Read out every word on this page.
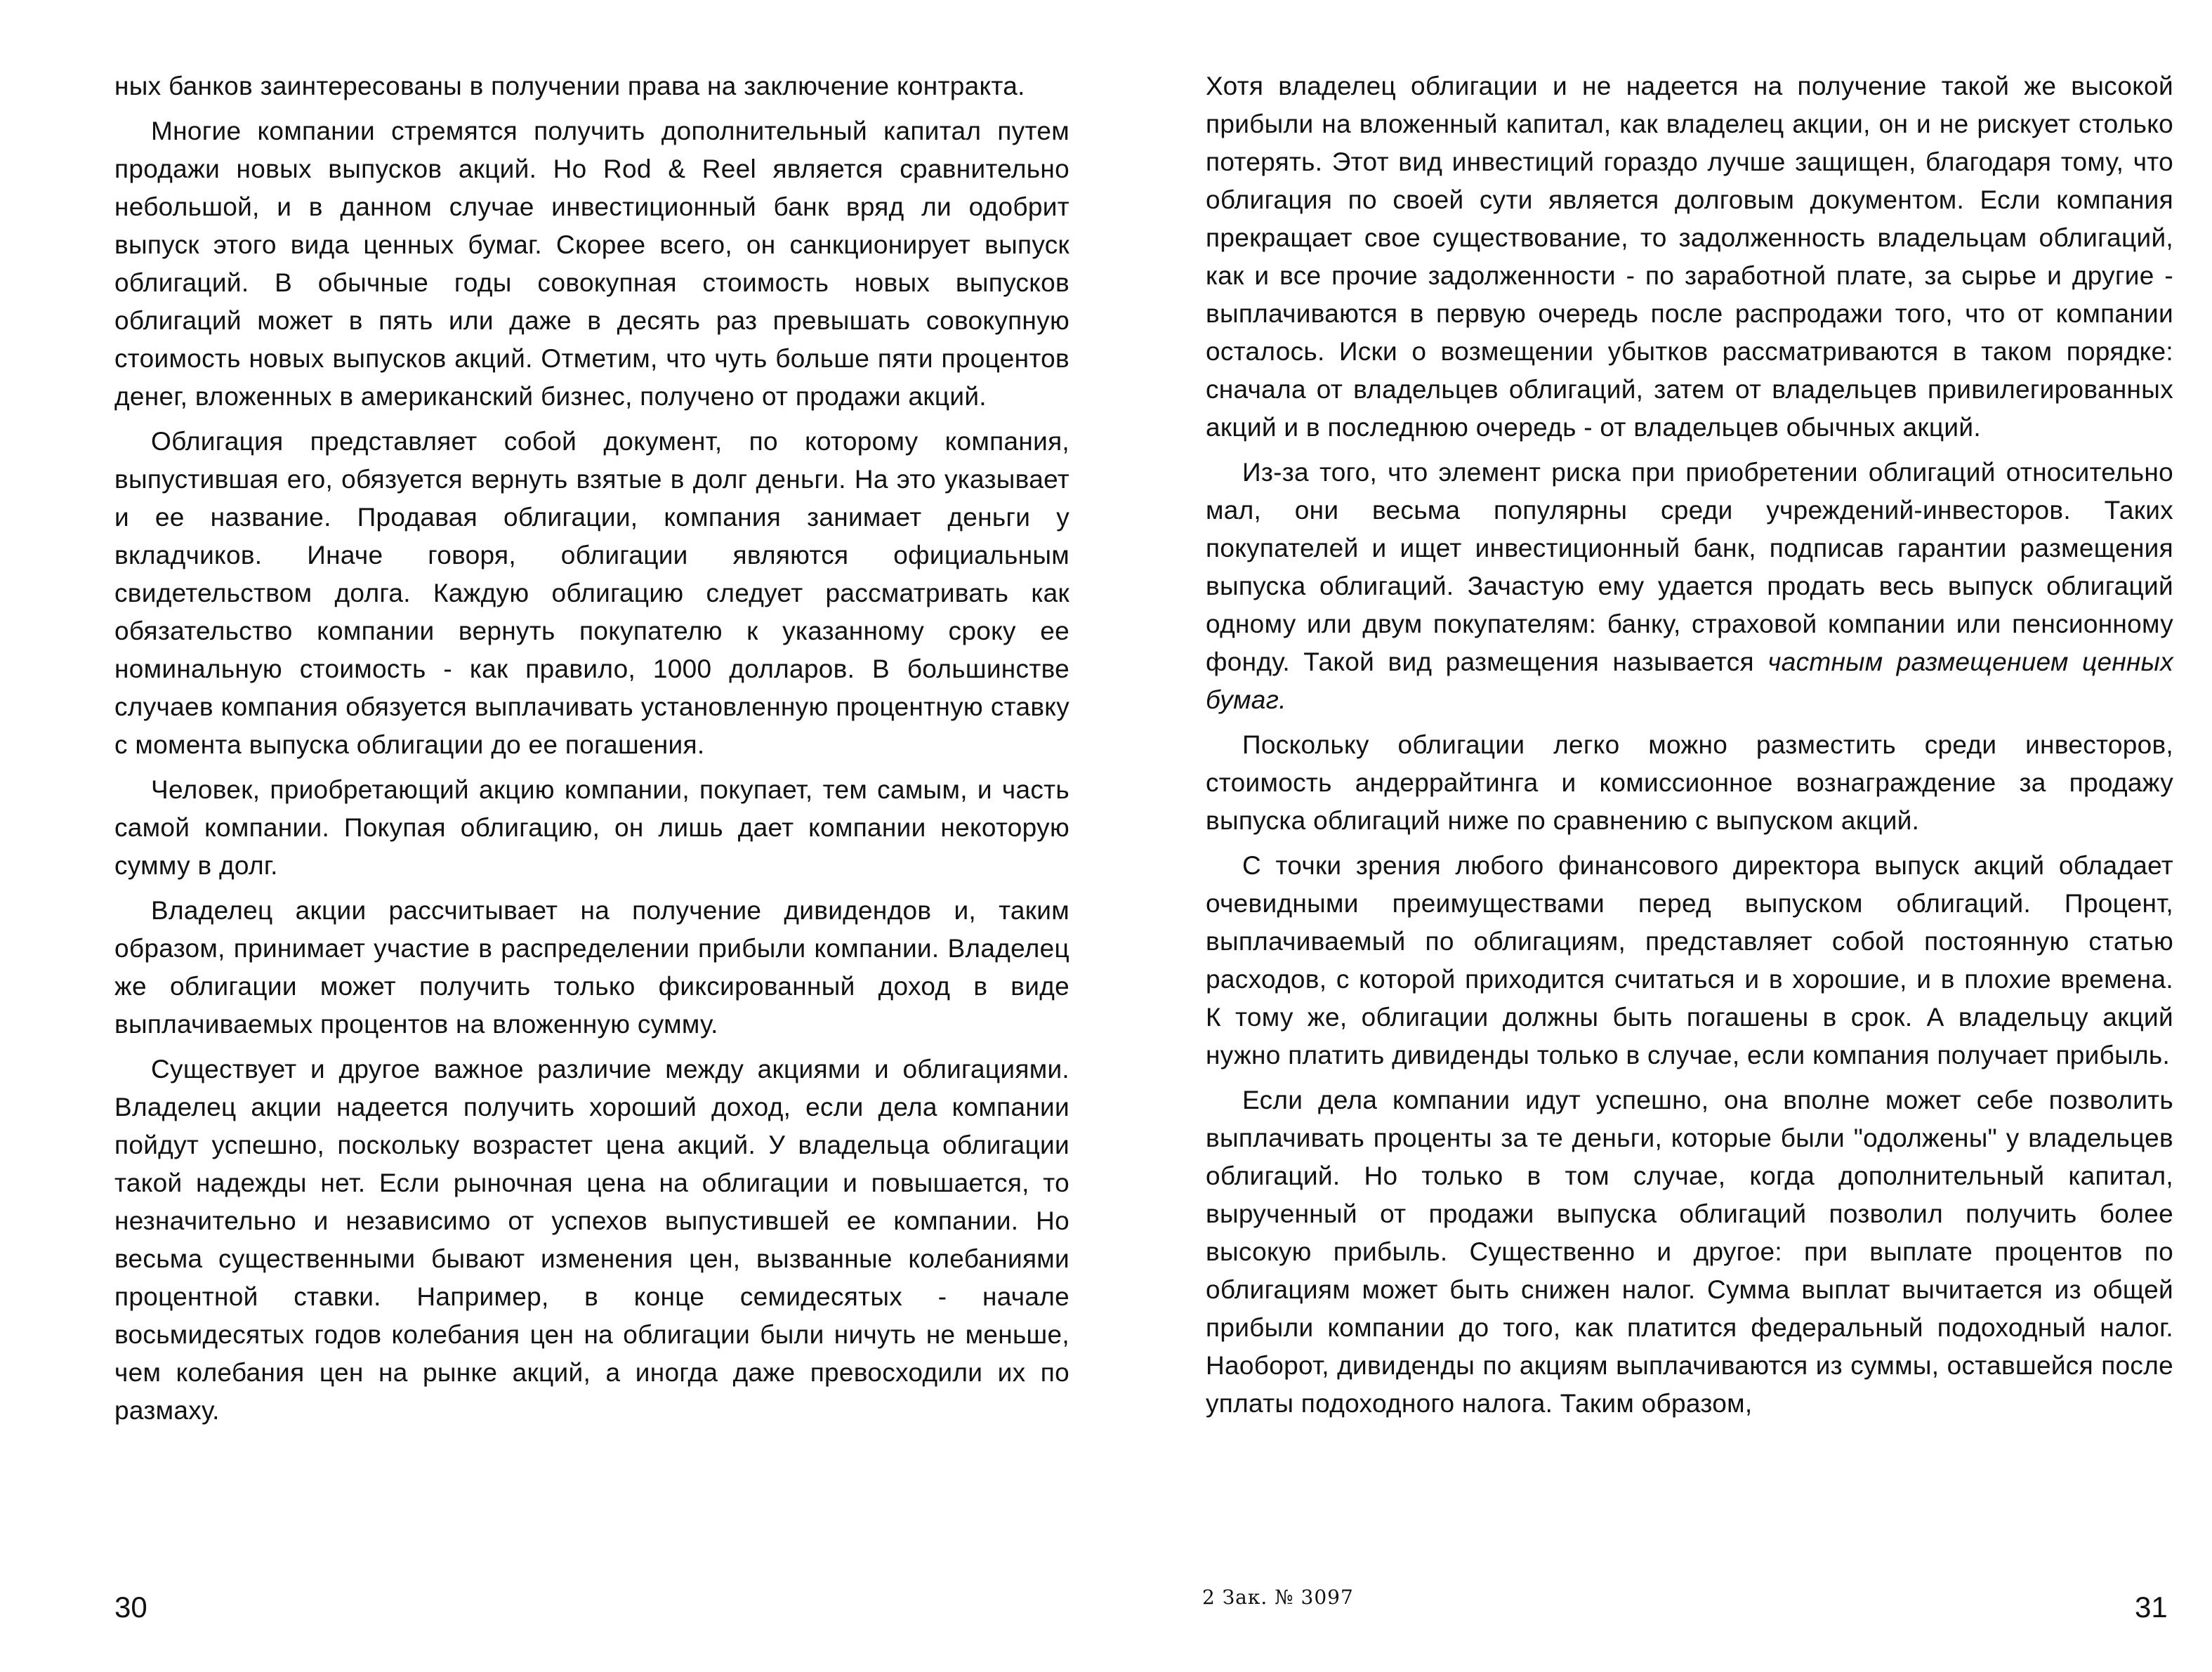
ных банков заинтересованы в получении права на заключение контракта.

Многие компании стремятся получить дополнительный капитал путем продажи новых выпусков акций. Но Rod & Reel является сравнительно небольшой, и в данном случае инвестиционный банк вряд ли одобрит выпуск этого вида ценных бумаг. Скорее всего, он санкционирует выпуск облигаций. В обычные годы совокупная стоимость новых выпусков облигаций может в пять или даже в десять раз превышать совокупную стоимость новых выпусков акций. Отметим, что чуть больше пяти процентов денег, вложенных в американский бизнес, получено от продажи акций.

Облигация представляет собой документ, по которому компания, выпустившая его, обязуется вернуть взятые в долг деньги. На это указывает и ее название. Продавая облигации, компания занимает деньги у вкладчиков. Иначе говоря, облигации являются официальным свидетельством долга. Каждую облигацию следует рассматривать как обязательство компании вернуть покупателю к указанному сроку ее номинальную стоимость - как правило, 1000 долларов. В большинстве случаев компания обязуется выплачивать установленную процентную ставку с момента выпуска облигации до ее погашения.

Человек, приобретающий акцию компании, покупает, тем самым, и часть самой компании. Покупая облигацию, он лишь дает компании некоторую сумму в долг.

Владелец акции рассчитывает на получение дивидендов и, таким образом, принимает участие в распределении прибыли компании. Владелец же облигации может получить только фиксированный доход в виде выплачиваемых процентов на вложенную сумму.

Существует и другое важное различие между акциями и облигациями. Владелец акции надеется получить хороший доход, если дела компании пойдут успешно, поскольку возрастет цена акций. У владельца облигации такой надежды нет. Если рыночная цена на облигации и повышается, то незначительно и независимо от успехов выпустившей ее компании. Но весьма существенными бывают изменения цен, вызванные колебаниями процентной ставки. Например, в конце семидесятых - начале восьмидесятых годов колебания цен на облигации были ничуть не меньше, чем колебания цен на рынке акций, а иногда даже превосходили их по размаху.

Хотя владелец облигации и не надеется на получение такой же высокой прибыли на вложенный капитал, как владелец акции, он и не рискует столько потерять. Этот вид инвестиций гораздо лучше защищен, благодаря тому, что облигация по своей сути является долговым документом. Если компания прекращает свое существование, то задолженность владельцам облигаций, как и все прочие задолженности - по заработной плате, за сырье и другие - выплачиваются в первую очередь после распродажи того, что от компании осталось. Иски о возмещении убытков рассматриваются в таком порядке: сначала от владельцев облигаций, затем от владельцев привилегированных акций и в последнюю очередь - от владельцев обычных акций.

Из-за того, что элемент риска при приобретении облигаций относительно мал, они весьма популярны среди учреждений-инвесторов. Таких покупателей и ищет инвестиционный банк, подписав гарантии размещения выпуска облигаций. Зачастую ему удается продать весь выпуск облигаций одному или двум покупателям: банку, страховой компании или пенсионному фонду. Такой вид размещения называется частным размещением ценных бумаг.

Поскольку облигации легко можно разместить среди инвесторов, стоимость андеррайтинга и комиссионное вознаграждение за продажу выпуска облигаций ниже по сравнению с выпуском акций.

С точки зрения любого финансового директора выпуск акций обладает очевидными преимуществами перед выпуском облигаций. Процент, выплачиваемый по облигациям, представляет собой постоянную статью расходов, с которой приходится считаться и в хорошие, и в плохие времена. К тому же, облигации должны быть погашены в срок. А владельцу акций нужно платить дивиденды только в случае, если компания получает прибыль.

Если дела компании идут успешно, она вполне может себе позволить выплачивать проценты за те деньги, которые были "одолжены" у владельцев облигаций. Но только в том случае, когда дополнительный капитал, вырученный от продажи выпуска облигаций позволил получить более высокую прибыль. Существенно и другое: при выплате процентов по облигациям может быть снижен налог. Сумма выплат вычитается из общей прибыли компании до того, как платится федеральный подоходный налог. Наоборот, дивиденды по акциям выплачиваются из суммы, оставшейся после уплаты подоходного налога. Таким образом,

30	2 Зак. № 3097	31
